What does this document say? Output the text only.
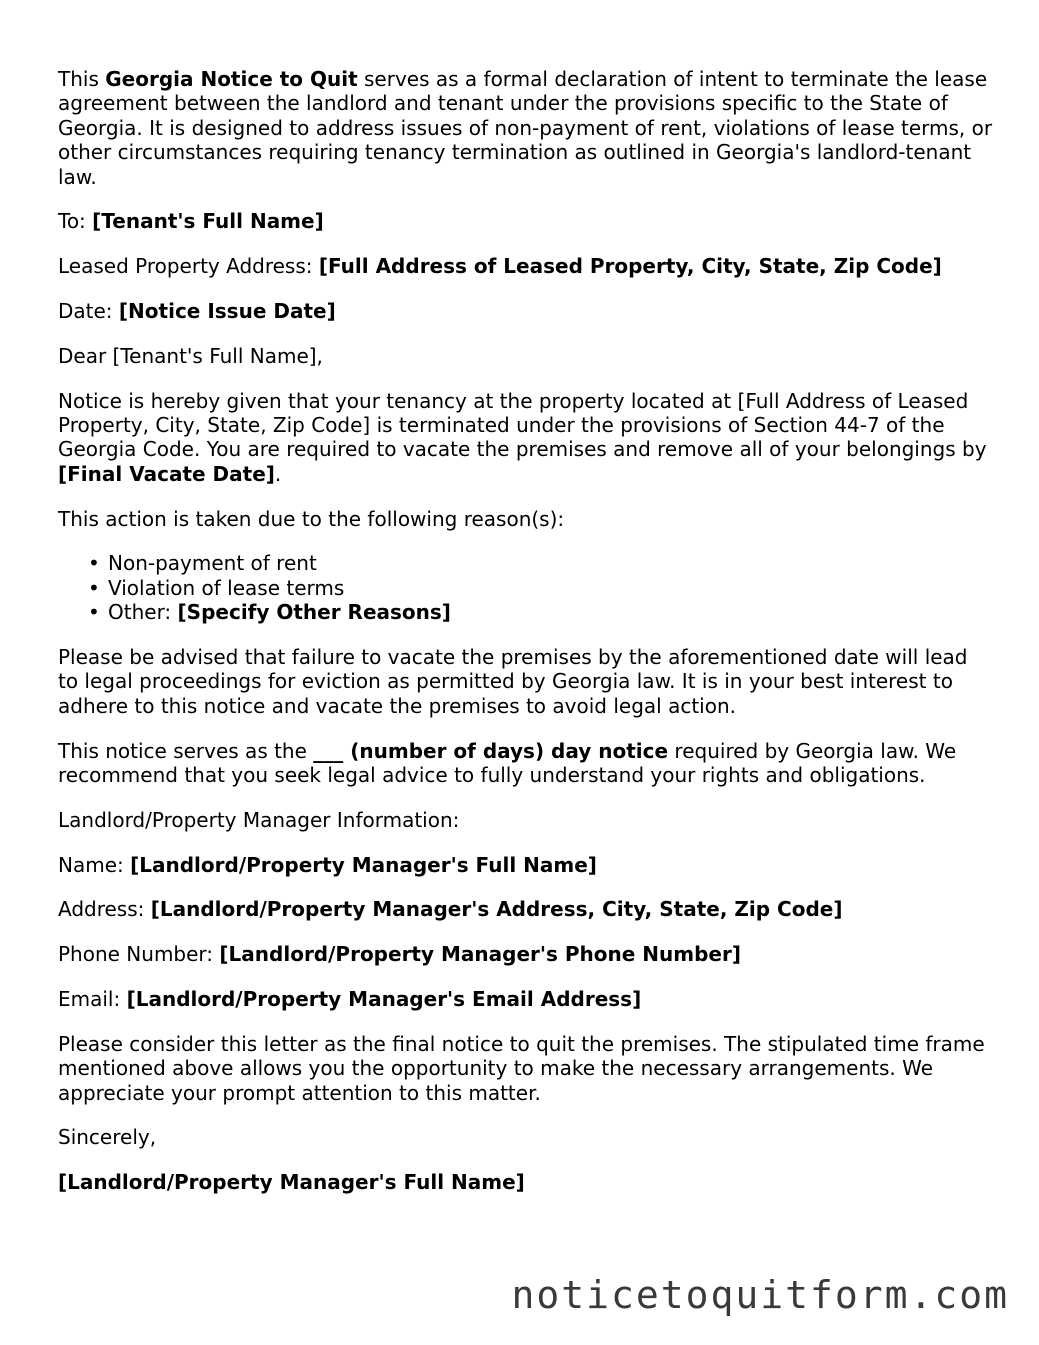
This Georgia Notice to Quit serves as a formal declaration of intent to terminate the lease agreement between the landlord and tenant under the provisions specific to the State of Georgia. It is designed to address issues of non-payment of rent, violations of lease terms, or other circumstances requiring tenancy termination as outlined in Georgia's landlord-tenant law.

To: [Tenant's Full Name]

Leased Property Address: [Full Address of Leased Property, City, State, Zip Code]

Date: [Notice Issue Date]

Dear [Tenant's Full Name],

Notice is hereby given that your tenancy at the property located at [Full Address of Leased Property, City, State, Zip Code] is terminated under the provisions of Section 44-7 of the Georgia Code. You are required to vacate the premises and remove all of your belongings by [Final Vacate Date].

This action is taken due to the following reason(s):

• Non-payment of rent
• Violation of lease terms
• Other: [Specify Other Reasons]

Please be advised that failure to vacate the premises by the aforementioned date will lead to legal proceedings for eviction as permitted by Georgia law. It is in your best interest to adhere to this notice and vacate the premises to avoid legal action.

This notice serves as the ___ (number of days) day notice required by Georgia law. We recommend that you seek legal advice to fully understand your rights and obligations.

Landlord/Property Manager Information:

Name: [Landlord/Property Manager's Full Name]

Address: [Landlord/Property Manager's Address, City, State, Zip Code]

Phone Number: [Landlord/Property Manager's Phone Number]

Email: [Landlord/Property Manager's Email Address]

Please consider this letter as the final notice to quit the premises. The stipulated time frame mentioned above allows you the opportunity to make the necessary arrangements. We appreciate your prompt attention to this matter.

Sincerely,

[Landlord/Property Manager's Full Name]

noticetoquitform.com
